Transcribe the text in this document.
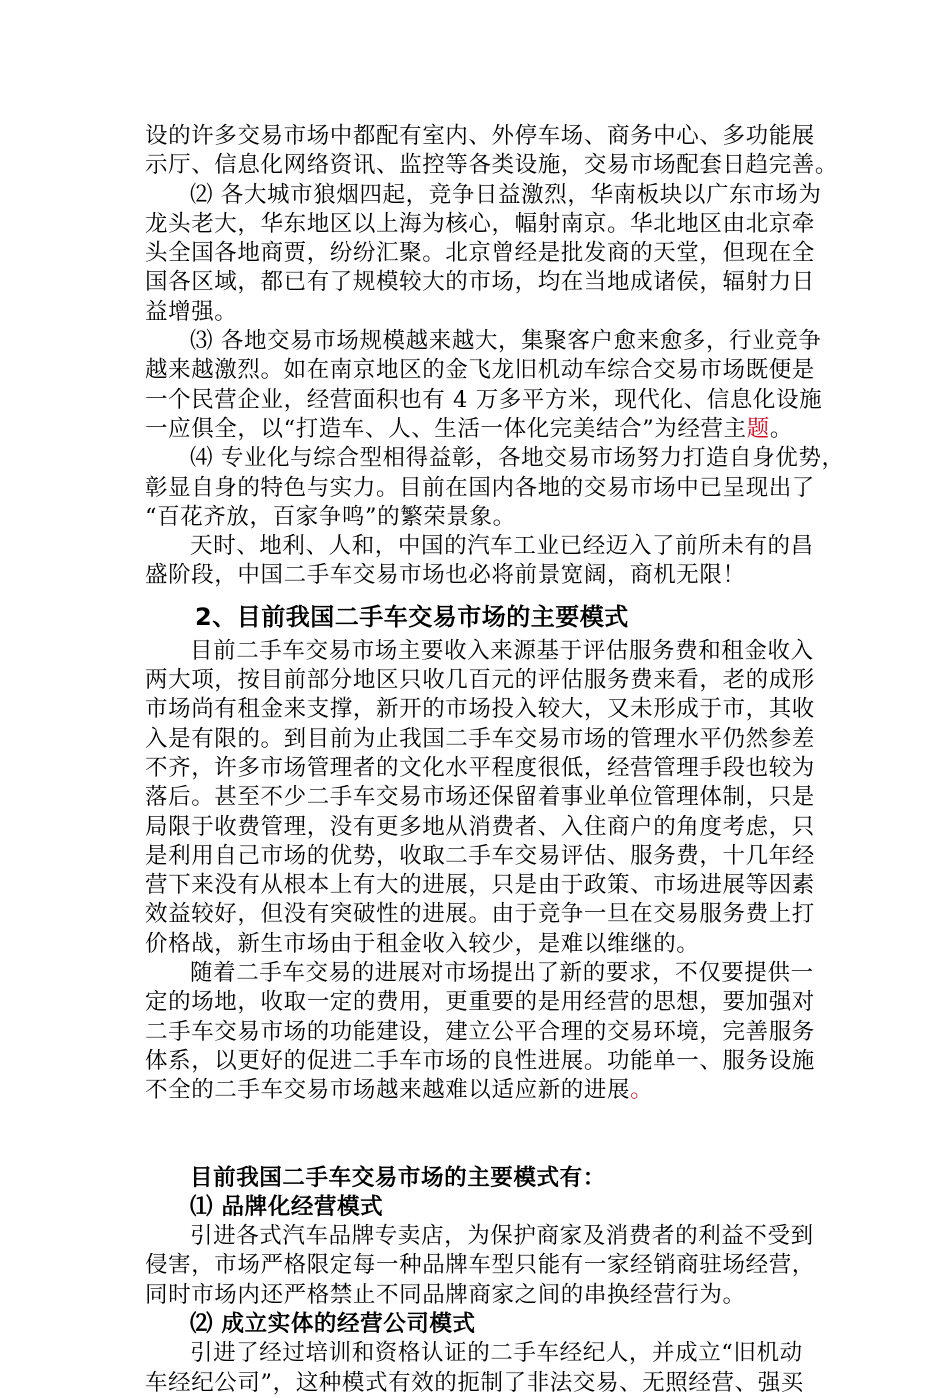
设的许多交易市场中都配有室内、外停车场、商务中心、多功能展
示厅、信息化网络资讯、监控等各类设施，交易市场配套日趋完善。
⑵ 各大城市狼烟四起，竞争日益激烈，华南板块以广东市场为
龙头老大，华东地区以上海为核心，幅射南京。华北地区由北京牵
头全国各地商贾，纷纷汇聚。北京曾经是批发商的天堂，但现在全
国各区域，都已有了规模较大的市场，均在当地成诸侯，辐射力日
益增强。
⑶ 各地交易市场规模越来越大，集聚客户愈来愈多，行业竞争
越来越激烈。如在南京地区的金飞龙旧机动车综合交易市场既便是
一个民营企业，经营面积也有 4 万多平方米，现代化、信息化设施
一应俱全，以“打造车、人、生活一体化完美结合”为经营主题。
⑷ 专业化与综合型相得益彰，各地交易市场努力打造自身优势，
彰显自身的特色与实力。目前在国内各地的交易市场中已呈现出了
“百花齐放，百家争鸣”的繁荣景象。
天时、地利、人和，中国的汽车工业已经迈入了前所未有的昌
盛阶段，中国二手车交易市场也必将前景宽阔，商机无限！
2、目前我国二手车交易市场的主要模式
目前二手车交易市场主要收入来源基于评估服务费和租金收入
两大项，按目前部分地区只收几百元的评估服务费来看，老的成形
市场尚有租金来支撑，新开的市场投入较大，又未形成于市，其收
入是有限的。到目前为止我国二手车交易市场的管理水平仍然参差
不齐，许多市场管理者的文化水平程度很低，经营管理手段也较为
落后。甚至不少二手车交易市场还保留着事业单位管理体制，只是
局限于收费管理，没有更多地从消费者、入住商户的角度考虑，只
是利用自己市场的优势，收取二手车交易评估、服务费，十几年经
营下来没有从根本上有大的进展，只是由于政策、市场进展等因素
效益较好，但没有突破性的进展。由于竞争一旦在交易服务费上打
价格战，新生市场由于租金收入较少，是难以维继的。
随着二手车交易的进展对市场提出了新的要求，不仅要提供一
定的场地，收取一定的费用，更重要的是用经营的思想，要加强对
二手车交易市场的功能建设，建立公平合理的交易环境，完善服务
体系，以更好的促进二手车市场的良性进展。功能单一、服务设施
不全的二手车交易市场越来越难以适应新的进展。
目前我国二手车交易市场的主要模式有：
⑴ 品牌化经营模式
引进各式汽车品牌专卖店，为保护商家及消费者的利益不受到
侵害，市场严格限定每一种品牌车型只能有一家经销商驻场经营，
同时市场内还严格禁止不同品牌商家之间的串换经营行为。
⑵ 成立实体的经营公司模式
引进了经过培训和资格认证的二手车经纪人，并成立“旧机动
车经纪公司”，这种模式有效的扼制了非法交易、无照经营、强买
